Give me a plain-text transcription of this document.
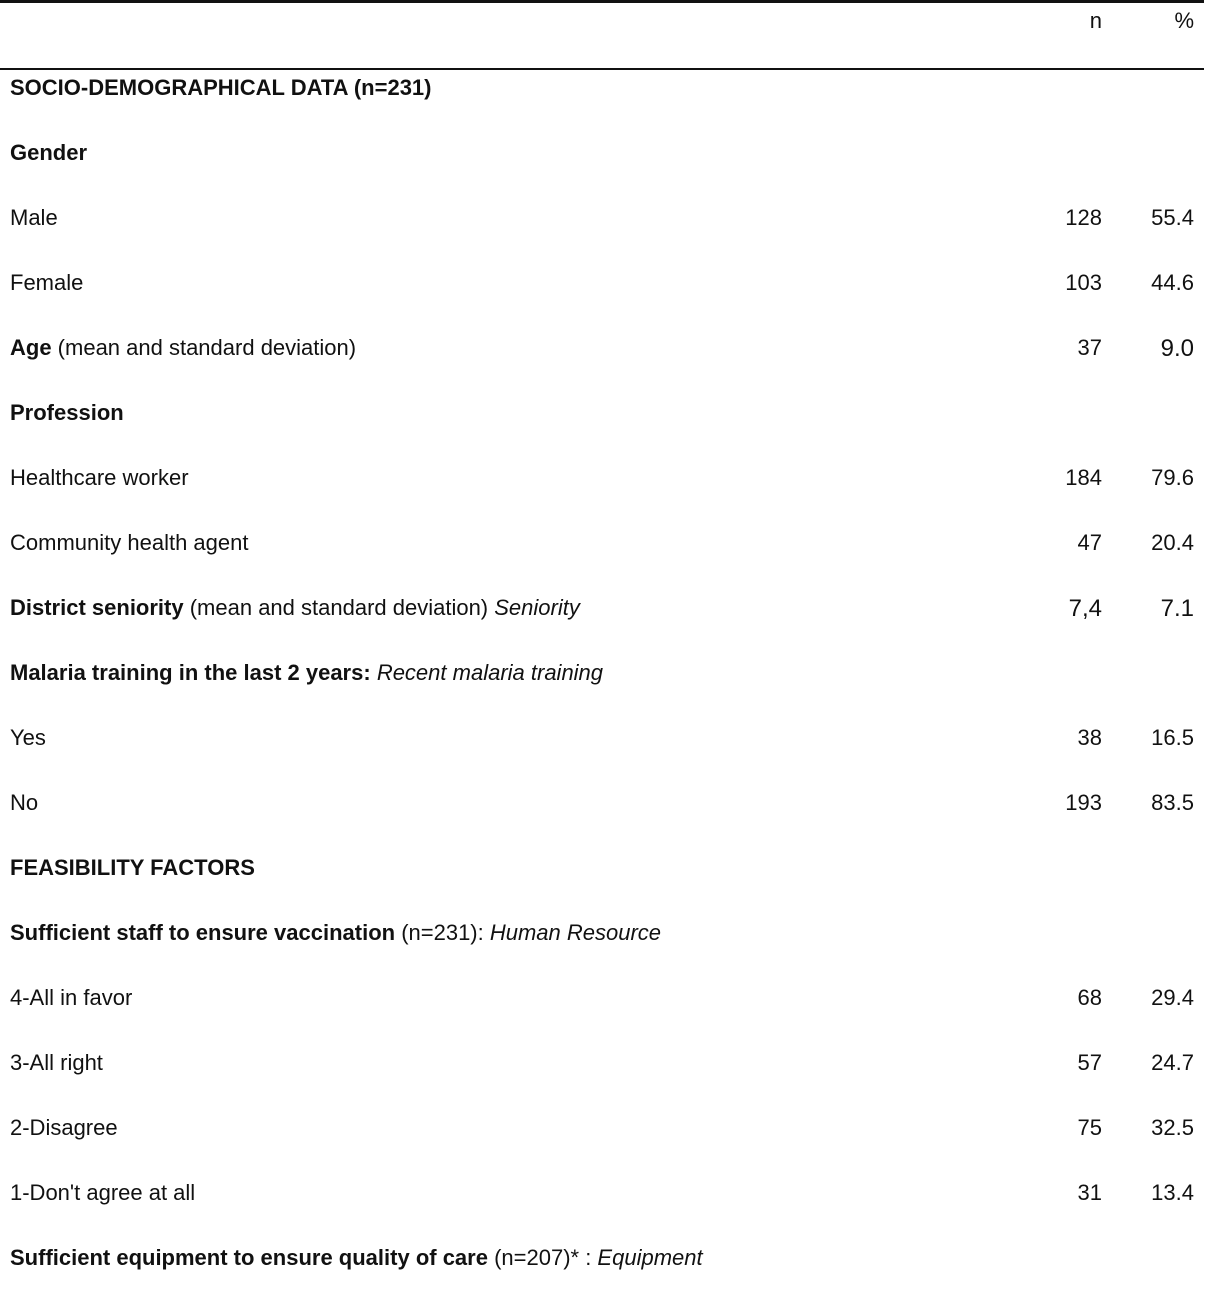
n	%
SOCIO-DEMOGRAPHICAL DATA (n=231)
Gender
Male	128 55.4
Female	103 44.6
Age (mean and standard deviation)	37 9.0
Profession
Healthcare worker	184 79.6
Community health agent	47 20.4
District seniority (mean and standard deviation) Seniority	7,4 7.1
Malaria training in the last 2 years: Recent malaria training
Yes	38 16.5
No	193 83.5
FEASIBILITY FACTORS
Sufficient staff to ensure vaccination (n=231): Human Resource
4-All in favor	68 29.4
3-All right	57 24.7
2-Disagree	75 32.5
1-Don't agree at all	31 13.4
Sufficient equipment to ensure quality of care (n=207)* : Equipment
